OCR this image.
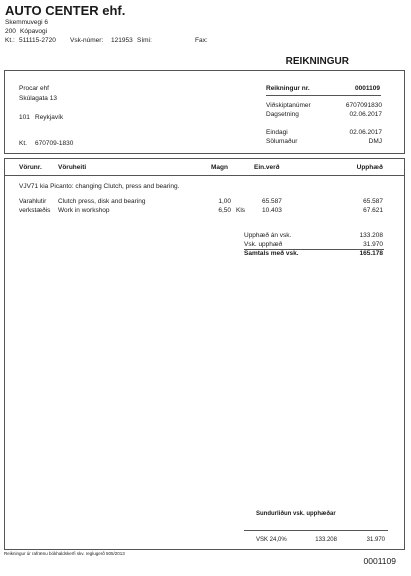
AUTO CENTER ehf.
Skemmuvegi 6
200 Kópavogi
Kt.: 511115-2720 Vsk-númer: 121953 Sími:	Fax:
REIKNINGUR
Procar ehf
Skúlagata 13
101 Reykjavík
Kt. 670709-1830
Reikningur nr.	0001109
Viðskiptanúmer	6707091830
Dagsetning	02.06.2017
Eindagi	02.06.2017
Sölumaður	DMJ
Vörunr. Vöruheiti	Magn	Ein.verð	Upphæð
VJV71 kia Picanto: changing Clutch, press and bearing.
Varahlutir Clutch press, disk and bearing	1,00	65.587	65.587
verkstæðis Work in workshop	6,50 Kls	10.403	67.621
Upphæð án vsk.	133.208
Vsk. upphæð	31.970
Samtals með vsk.	165.178
Sundurliðun vsk. upphæðar
VSK 24,0%	133.208	31.970
Reikningur úr rafrænu bókhaldskerfi skv. reglugerð 505/2013
0001109
